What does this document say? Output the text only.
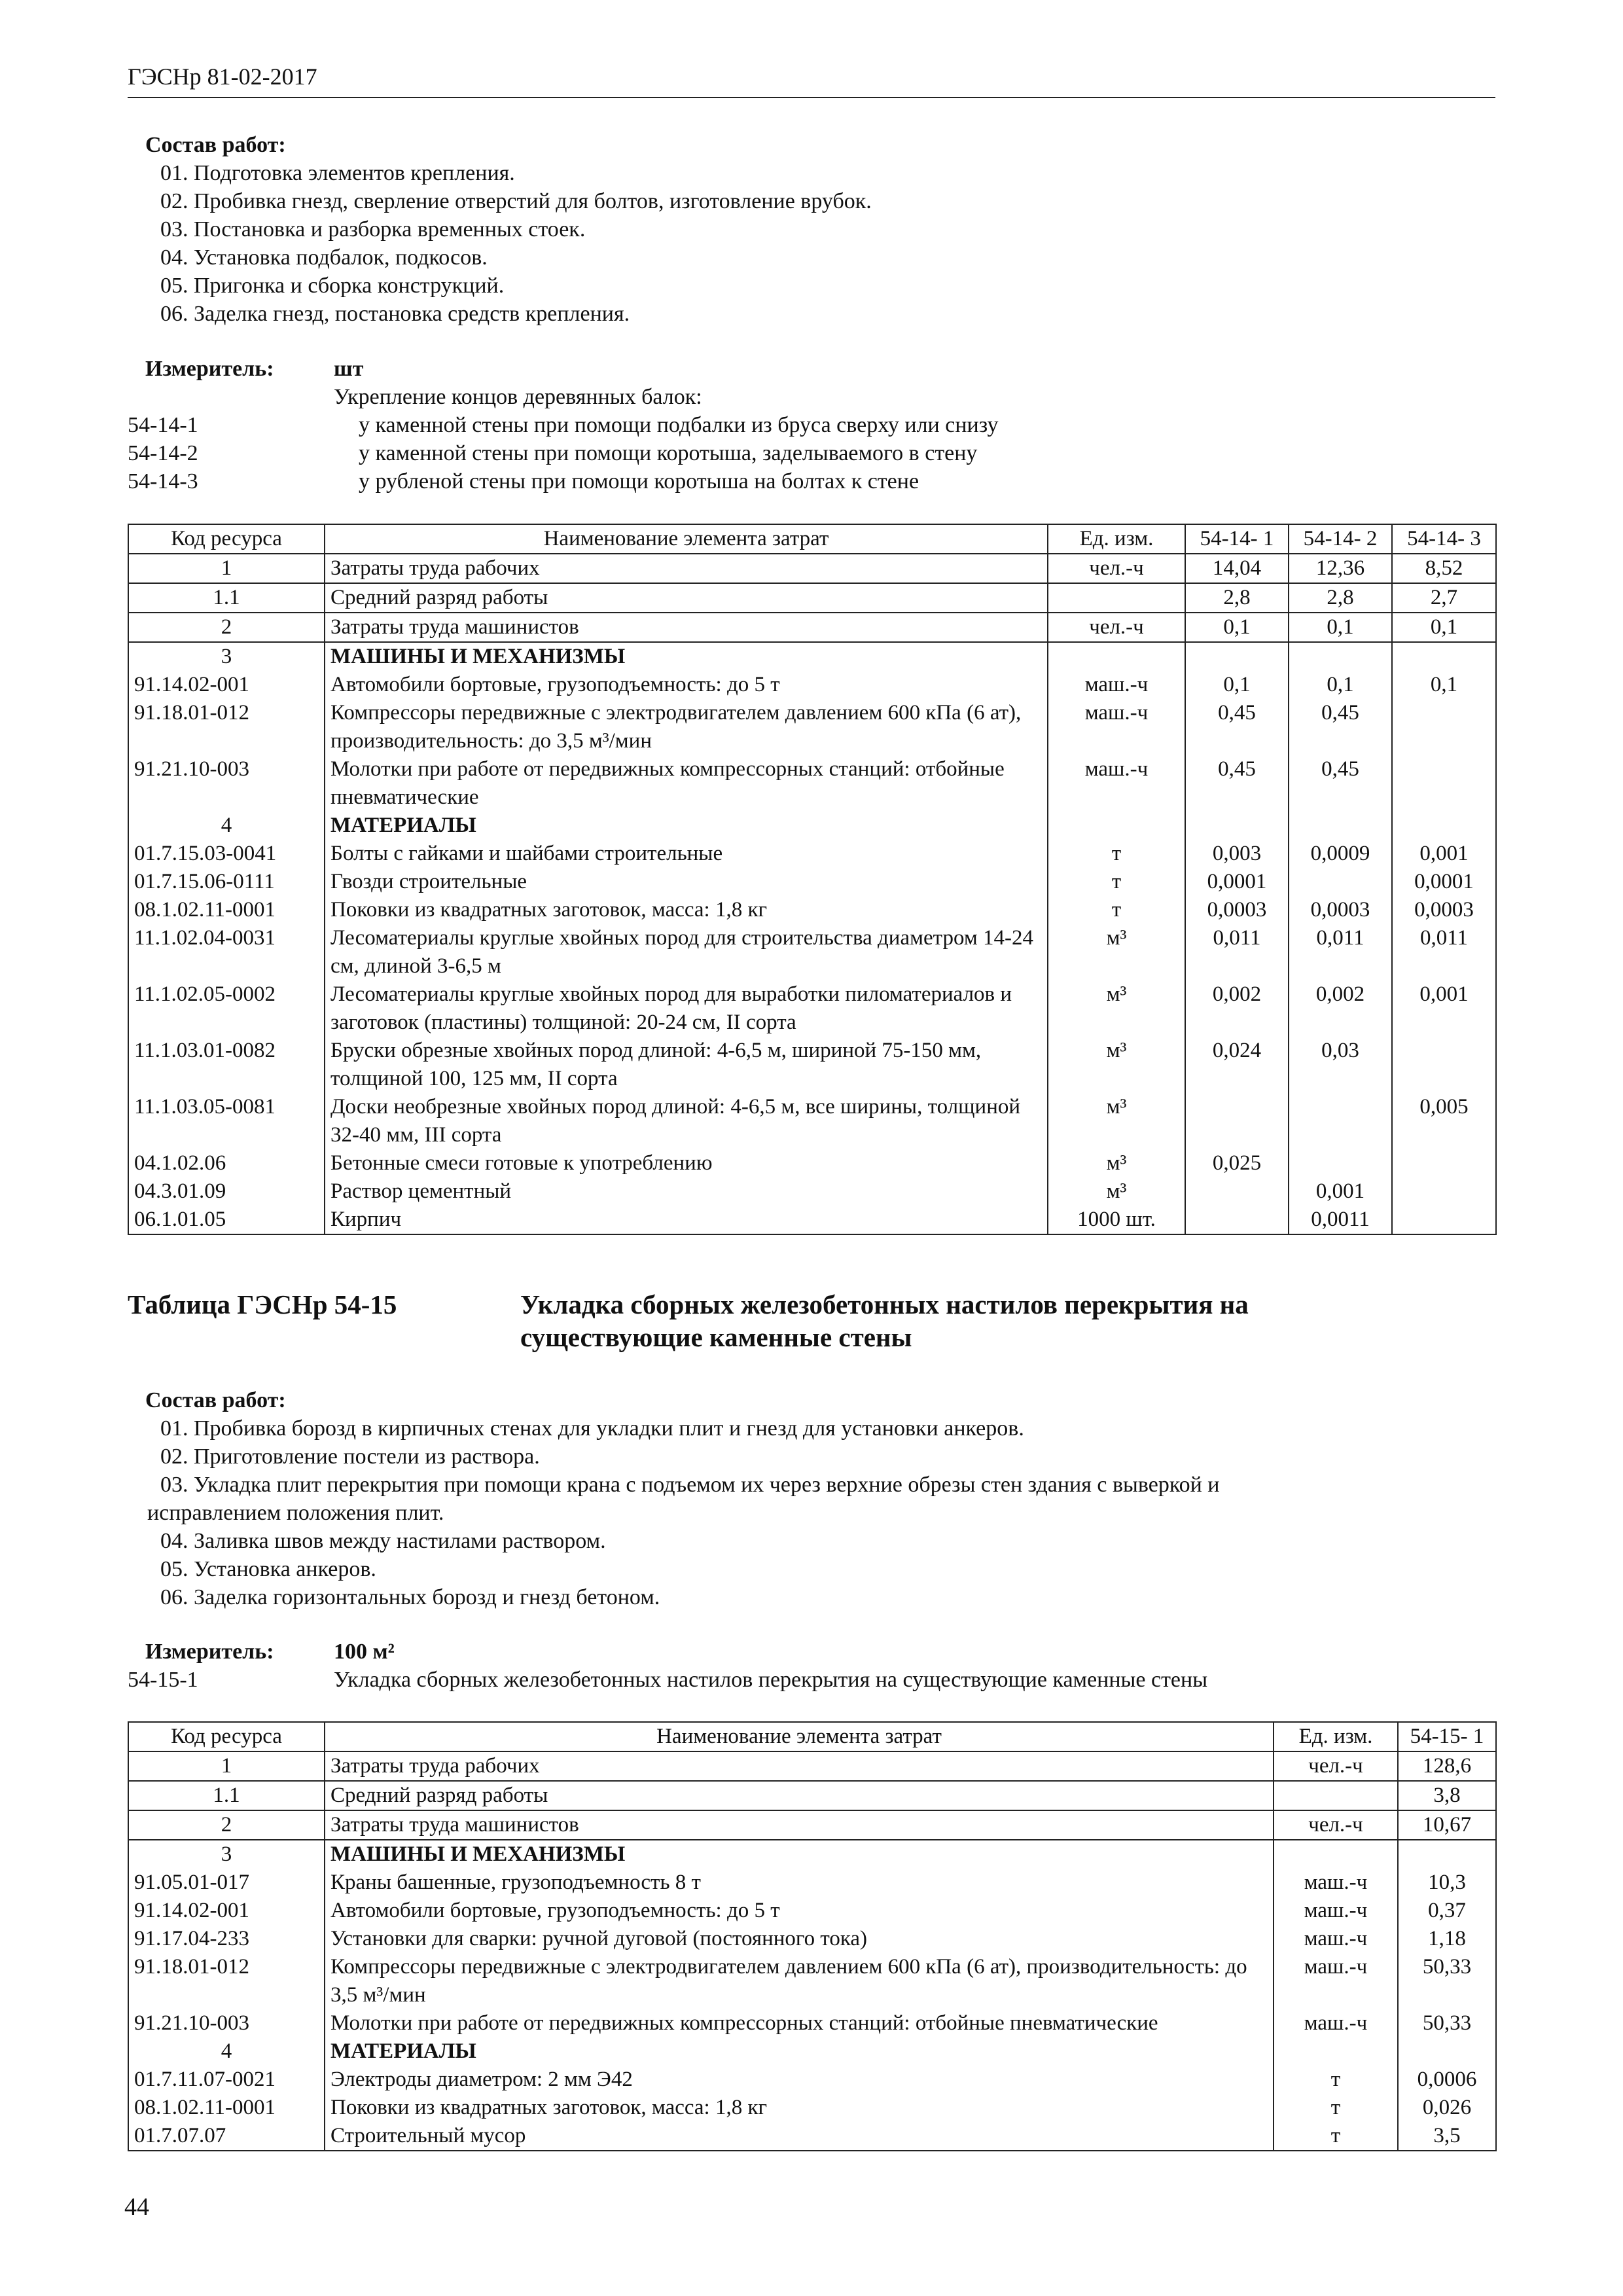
ГЭСНр 81-02-2017
Состав работ:
01. Подготовка элементов крепления.
02. Пробивка гнезд, сверление отверстий для болтов, изготовление врубок.
03. Постановка и разборка временных стоек.
04. Установка подбалок, подкосов.
05. Пригонка и сборка конструкций.
06. Заделка гнезд, постановка средств крепления.
Измеритель:	шт
Укрепление концов деревянных балок:
54-14-1	у каменной стены при помощи подбалки из бруса сверху или снизу
54-14-2	у каменной стены при помощи коротыша, заделываемого в стену
54-14-3	у рубленой стены при помощи коротыша на болтах к стене
Код ресурса	Наименование элемента затрат	Ед. изм.	54-14- 1	54-14- 2	54-14- 3
1	Затраты труда рабочих	чел.-ч	14,04	12,36	8,52
1.1	Средний разряд работы		2,8	2,8	2,7
2	Затраты труда машинистов	чел.-ч	0,1	0,1	0,1
3	МАШИНЫ И МЕХАНИЗМЫ				
91.14.02-001	Автомобили бортовые, грузоподъемность: до 5 т	маш.-ч	0,1	0,1	0,1
91.18.01-012	Компрессоры передвижные с электродвигателем давлением 600 кПа (6 ат), производительность: до 3,5 м³/мин	маш.-ч	0,45	0,45	
91.21.10-003	Молотки при работе от передвижных компрессорных станций: отбойные пневматические	маш.-ч	0,45	0,45	
4	МАТЕРИАЛЫ				
01.7.15.03-0041	Болты с гайками и шайбами строительные	т	0,003	0,0009	0,001
01.7.15.06-0111	Гвозди строительные	т	0,0001		0,0001
08.1.02.11-0001	Поковки из квадратных заготовок, масса: 1,8 кг	т	0,0003	0,0003	0,0003
11.1.02.04-0031	Лесоматериалы круглые хвойных пород для строительства диаметром 14-24 см, длиной 3-6,5 м	м³	0,011	0,011	0,011
11.1.02.05-0002	Лесоматериалы круглые хвойных пород для выработки пиломатериалов и заготовок (пластины) толщиной: 20-24 см, II сорта	м³	0,002	0,002	0,001
11.1.03.01-0082	Бруски обрезные хвойных пород длиной: 4-6,5 м, шириной 75-150 мм, толщиной 100, 125 мм, II сорта	м³	0,024	0,03	
11.1.03.05-0081	Доски необрезные хвойных пород длиной: 4-6,5 м, все ширины, толщиной 32-40 мм, III сорта	м³			0,005
04.1.02.06	Бетонные смеси готовые к употреблению	м³	0,025		
04.3.01.09	Раствор цементный	м³		0,001	
06.1.01.05	Кирпич	1000 шт.		0,0011	
Таблица ГЭСНр 54-15	Укладка сборных железобетонных настилов перекрытия на
существующие каменные стены
Состав работ:
01. Пробивка борозд в кирпичных стенах для укладки плит и гнезд для установки анкеров.
02. Приготовление постели из раствора.
03. Укладка плит перекрытия при помощи крана с подъемом их через верхние обрезы стен здания с выверкой и
исправлением положения плит.
04. Заливка швов между настилами раствором.
05. Установка анкеров.
06. Заделка горизонтальных борозд и гнезд бетоном.
Измеритель:	100 м²
54-15-1	Укладка сборных железобетонных настилов перекрытия на существующие каменные стены
Код ресурса	Наименование элемента затрат	Ед. изм.	54-15- 1
1	Затраты труда рабочих	чел.-ч	128,6
1.1	Средний разряд работы		3,8
2	Затраты труда машинистов	чел.-ч	10,67
3	МАШИНЫ И МЕХАНИЗМЫ		
91.05.01-017	Краны башенные, грузоподъемность 8 т	маш.-ч	10,3
91.14.02-001	Автомобили бортовые, грузоподъемность: до 5 т	маш.-ч	0,37
91.17.04-233	Установки для сварки: ручной дуговой (постоянного тока)	маш.-ч	1,18
91.18.01-012	Компрессоры передвижные с электродвигателем давлением 600 кПа (6 ат), производительность: до 3,5 м³/мин	маш.-ч	50,33
91.21.10-003	Молотки при работе от передвижных компрессорных станций: отбойные пневматические	маш.-ч	50,33
4	МАТЕРИАЛЫ		
01.7.11.07-0021	Электроды диаметром: 2 мм Э42	т	0,0006
08.1.02.11-0001	Поковки из квадратных заготовок, масса: 1,8 кг	т	0,026
01.7.07.07	Строительный мусор	т	3,5
44
